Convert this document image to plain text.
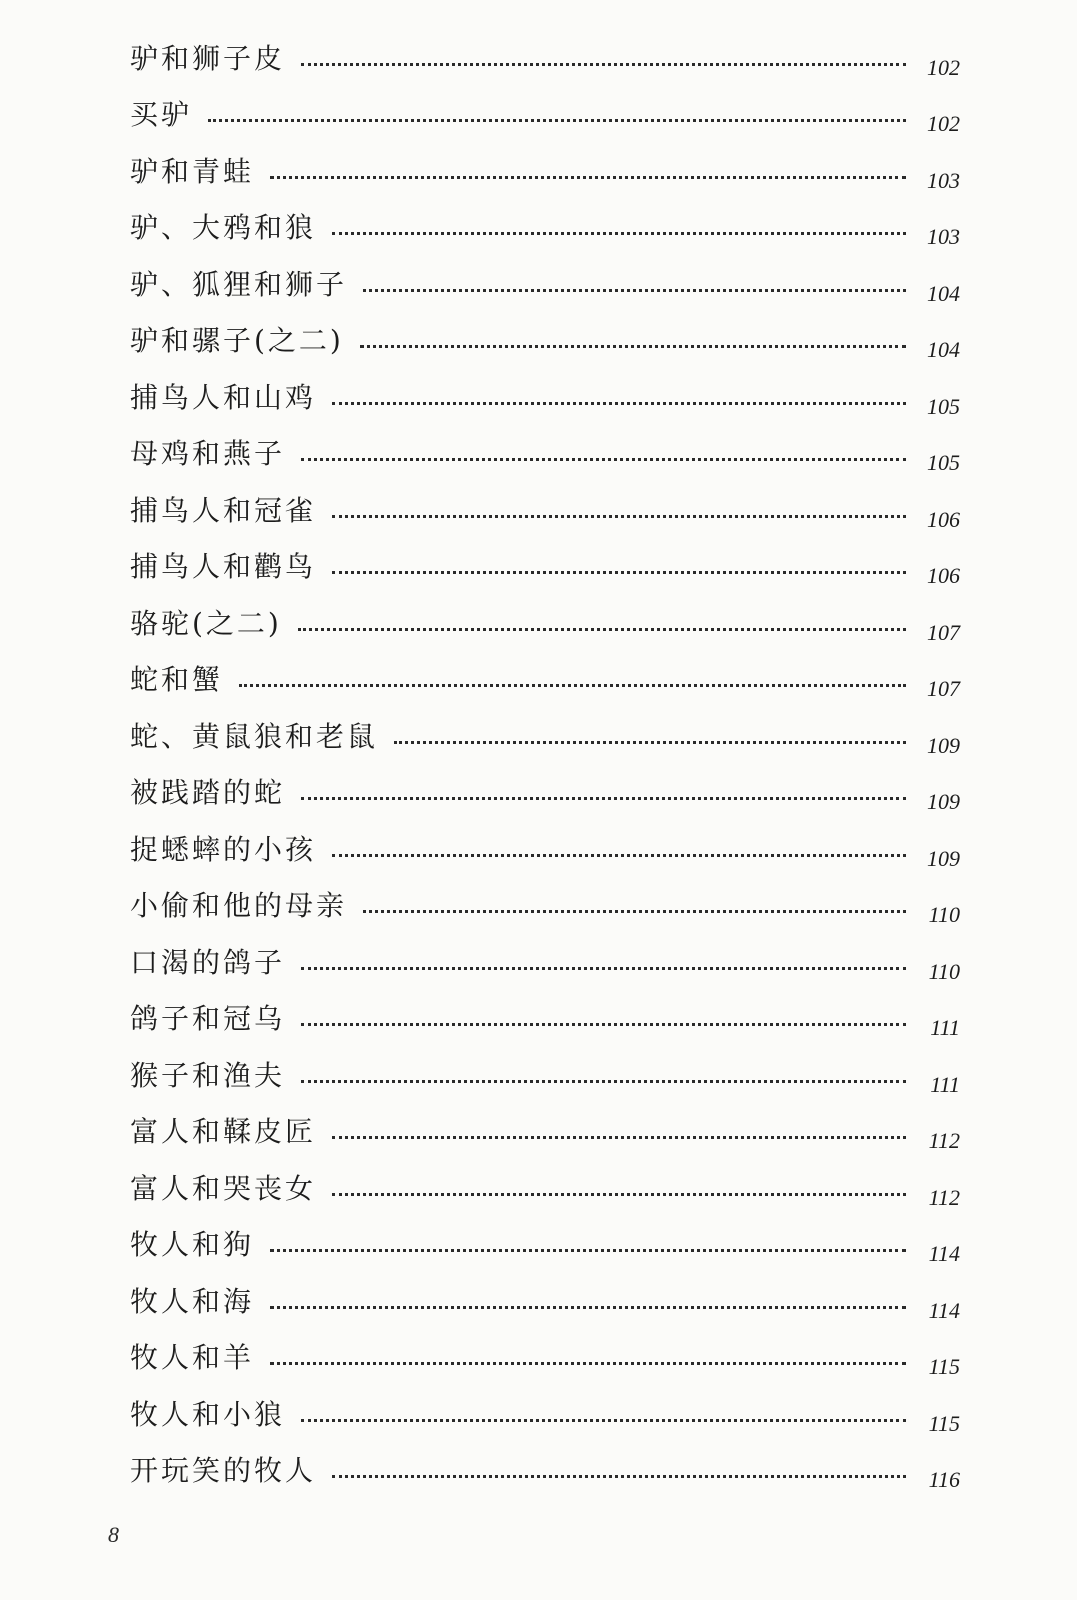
驴和狮子皮	102
买驴	102
驴和青蛙	103
驴、大鸦和狼	103
驴、狐狸和狮子	104
驴和骡子(之二)	104
捕鸟人和山鸡	105
母鸡和燕子	105
捕鸟人和冠雀	106
捕鸟人和鹳鸟	106
骆驼(之二)	107
蛇和蟹	107
蛇、黄鼠狼和老鼠	109
被践踏的蛇	109
捉蟋蟀的小孩	109
小偷和他的母亲	110
口渴的鸽子	110
鸽子和冠乌	111
猴子和渔夫	111
富人和鞣皮匠	112
富人和哭丧女	112
牧人和狗	114
牧人和海	114
牧人和羊	115
牧人和小狼	115
开玩笑的牧人	116
8
